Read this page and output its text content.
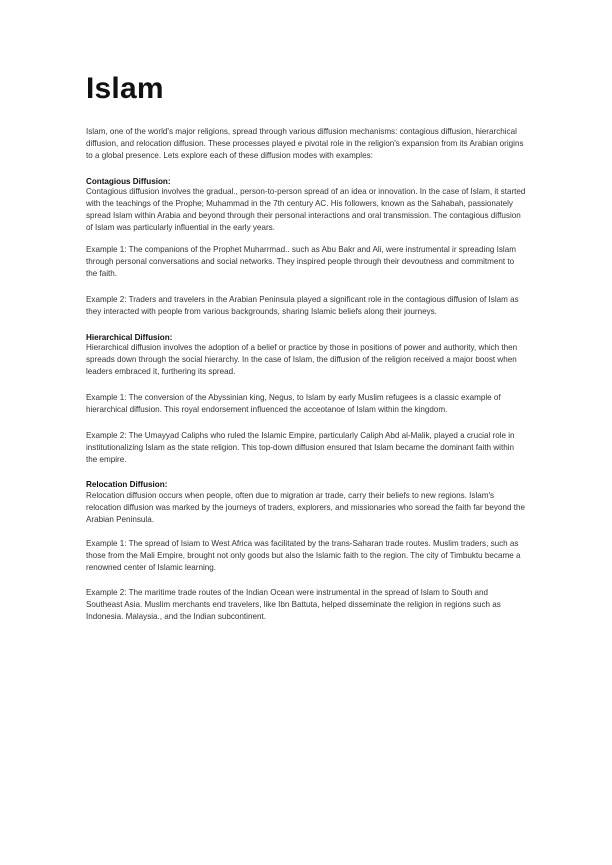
Islam

Islam, one of the world's major religions, spread through various diffusion mechanisms: contagious diffusion, hierarchical diffusion, and relocation diffusion. These processes played e pivotal role in the religion's expansion from its Arabian origins to a global presence. Lets explore each of these diffusion modes with examples:

Contagious Diffusion:

Contagious diffusion involves the gradual., person-to-person spread of an idea or innovation. In the case of Islam, it started with the teachings of the Prophe; Muhammad in the 7th century AC. His followers, known as the Sahabah, passionately spread Islam within Arabia and beyond through their personal interactions and oral transmission. The contagious diffusion of Islam was particularly influential in the early years.

Example 1: The companions of the Prophet Muharrmad.. such as Abu Bakr and Ali, were instrumental ir spreading Islam through personal conversations and social networks. They inspired people through their devoutness and commitment to the faith.

Example 2: Traders and travelers in the Arabian Peninsula played a significant role in the contagious diffusion of Islam as they interacted with people from various backgrounds, sharing Islamic beliefs along their journeys.

Hierarchical Diffusion:

Hierarchical diffusion involves the adoption of a belief or practice by those in positions of power and authority, which then spreads down through the social hierarchy. In the case of Islam, the diffusion of the religion received a major boost when leaders embraced it, furthering its spread.

Example 1: The conversion of the Abyssinian king, Negus, to Islam by early Muslim refugees is a classic example of hierarchical diffusion. This royal endorsement influenced the acceotanoe of Islam within the kingdom.

Example 2: The Umayyad Caliphs who ruled the Islamic Empire, particularly Caliph Abd al-Malik, played a crucial role in institutionalizing Islam as the state religion. This top-down diffusion ensured that Islam became the dominant faith within the empire.

Relocation Diffusion:

Relocation diffusion occurs when people, often due to migration ar trade, carry their beliefs to new regions. Islam's relocation diffusion was marked by the journeys of traders, explorers, and missionaries who soread the faith far beyond the Arabian Peninsula.

Example 1: The spread of Isiam to West Africa was facilitated by the trans-Saharan trade routes. Muslim traders, such as those from the Mali Empire, brought not only goods but also the Islamic faith to the region. The city of Timbuktu became a renowned center of Islamic learning.

Example 2: The maritime trade routes of the Indian Ocean were instrumental in the spread of Islam to South and Southeast Asia. Muslim merchants end travelers, like Ibn Battuta, helped disseminate the religion in regions such as Indonesia. Malaysia., and the Indian subcontinent.
